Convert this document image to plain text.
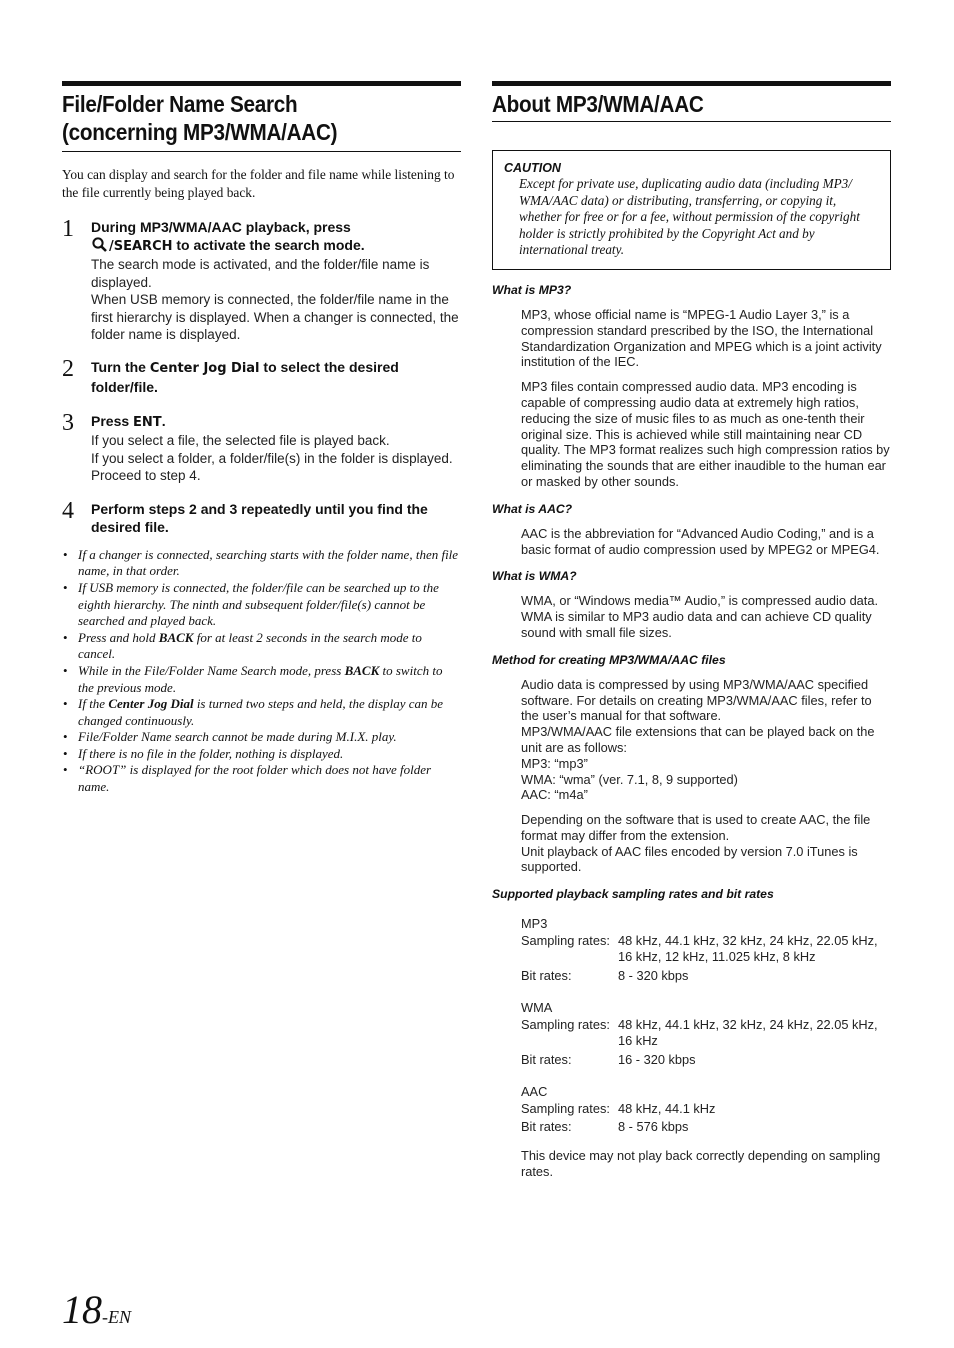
File/Folder Name Search
(concerning MP3/WMA/AAC)

You can display and search for the folder and file name while listening to the file currently being played back.

1 During MP3/WMA/AAC playback, press
/SEARCH to activate the search mode.
The search mode is activated, and the folder/file name is displayed.
When USB memory is connected, the folder/file name in the first hierarchy is displayed. When a changer is connected, the folder name is displayed.
2 Turn the Center Jog Dial to select the desired folder/file.
3 Press ENT.
If you select a file, the selected file is played back.
If you select a folder, a folder/file(s) in the folder is displayed. Proceed to step 4.
4 Perform steps 2 and 3 repeatedly until you find the desired file.
• If a changer is connected, searching starts with the folder name, then file name, in that order.
• If USB memory is connected, the folder/file can be searched up to the eighth hierarchy. The ninth and subsequent folder/file(s) cannot be searched and played back.
• Press and hold BACK for at least 2 seconds in the search mode to cancel.
• While in the File/Folder Name Search mode, press BACK to switch to the previous mode.
• If the Center Jog Dial is turned two steps and held, the display can be changed continuously.
• File/Folder Name search cannot be made during M.I.X. play.
• If there is no file in the folder, nothing is displayed.
• “ROOT” is displayed for the root folder which does not have folder name.
About MP3/WMA/AAC
CAUTION
Except for private use, duplicating audio data (including MP3/ WMA/AAC data) or distributing, transferring, or copying it, whether for free or for a fee, without permission of the copyright holder is strictly prohibited by the Copyright Act and by international treaty.
What is MP3?
MP3, whose official name is “MPEG-1 Audio Layer 3,” is a compression standard prescribed by the ISO, the International Standardization Organization and MPEG which is a joint activity institution of the IEC.
MP3 files contain compressed audio data. MP3 encoding is capable of compressing audio data at extremely high ratios, reducing the size of music files to as much as one-tenth their original size. This is achieved while still maintaining near CD quality. The MP3 format realizes such high compression ratios by eliminating the sounds that are either inaudible to the human ear or masked by other sounds.
What is AAC?
AAC is the abbreviation for “Advanced Audio Coding,” and is a basic format of audio compression used by MPEG2 or MPEG4.
What is WMA?
WMA, or “Windows media™ Audio,” is compressed audio data. WMA is similar to MP3 audio data and can achieve CD quality sound with small file sizes.
Method for creating MP3/WMA/AAC files
Audio data is compressed by using MP3/WMA/AAC specified software. For details on creating MP3/WMA/AAC files, refer to the user’s manual for that software.
MP3/WMA/AAC file extensions that can be played back on the unit are as follows:
MP3: “mp3”
WMA: “wma” (ver. 7.1, 8, 9 supported)
AAC: “m4a”
Depending on the software that is used to create AAC, the file format may differ from the extension.
Unit playback of AAC files encoded by version 7.0 iTunes is supported.
Supported playback sampling rates and bit rates
MP3
Sampling rates: 48 kHz, 44.1 kHz, 32 kHz, 24 kHz, 22.05 kHz, 16 kHz, 12 kHz, 11.025 kHz, 8 kHz
Bit rates:	8 - 320 kbps
WMA
Sampling rates: 48 kHz, 44.1 kHz, 32 kHz, 24 kHz, 22.05 kHz, 16 kHz
Bit rates:	16 - 320 kbps
AAC
Sampling rates: 48 kHz, 44.1 kHz
Bit rates:	8 - 576 kbps
This device may not play back correctly depending on sampling rates.
18-EN
